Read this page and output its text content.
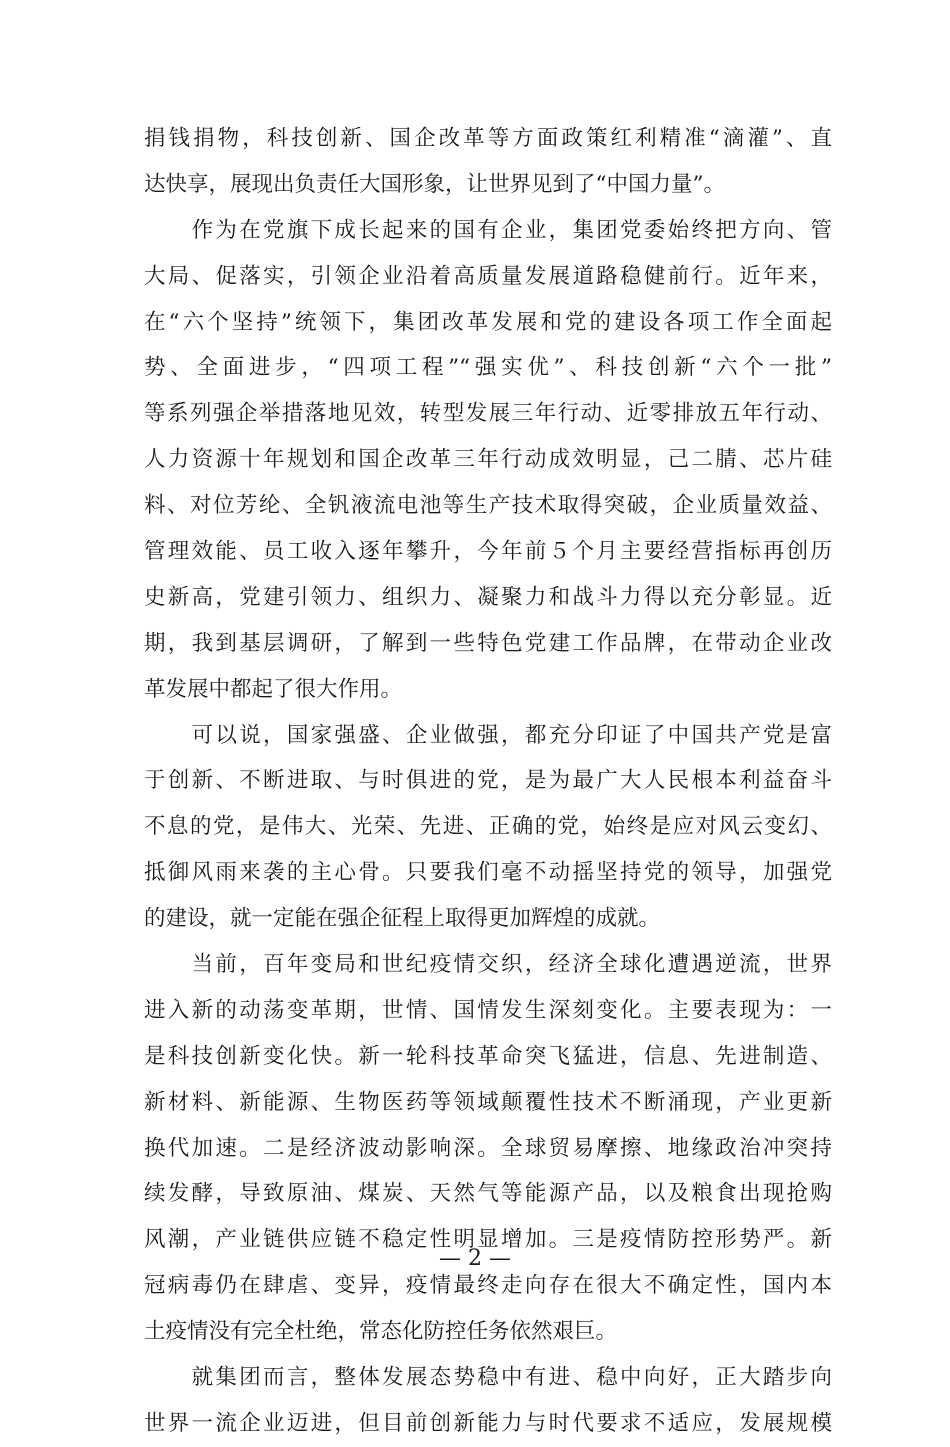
捐钱捐物，科技创新、国企改革等方面政策红利精准“滴灌”、直
达快享，展现出负责任大国形象，让世界见到了“中国力量”。
　　作为在党旗下成长起来的国有企业，集团党委始终把方向、管
大局、促落实，引领企业沿着高质量发展道路稳健前行。近年来，
在“六个坚持”统领下，集团改革发展和党的建设各项工作全面起
势、全面进步，“四项工程”“强实优”、科技创新“六个一批”
等系列强企举措落地见效，转型发展三年行动、近零排放五年行动、
人力资源十年规划和国企改革三年行动成效明显，己二腈、芯片硅
料、对位芳纶、全钒液流电池等生产技术取得突破，企业质量效益、
管理效能、员工收入逐年攀升，今年前５个月主要经营指标再创历
史新高，党建引领力、组织力、凝聚力和战斗力得以充分彰显。近
期，我到基层调研，了解到一些特色党建工作品牌，在带动企业改
革发展中都起了很大作用。
　　可以说，国家强盛、企业做强，都充分印证了中国共产党是富
于创新、不断进取、与时俱进的党，是为最广大人民根本利益奋斗
不息的党，是伟大、光荣、先进、正确的党，始终是应对风云变幻、
抵御风雨来袭的主心骨。只要我们毫不动摇坚持党的领导，加强党
的建设，就一定能在强企征程上取得更加辉煌的成就。
　　当前，百年变局和世纪疫情交织，经济全球化遭遇逆流，世界
进入新的动荡变革期，世情、国情发生深刻变化。主要表现为：一
是科技创新变化快。新一轮科技革命突飞猛进，信息、先进制造、
新材料、新能源、生物医药等领域颠覆性技术不断涌现，产业更新
换代加速。二是经济波动影响深。全球贸易摩擦、地缘政治冲突持
续发酵，导致原油、煤炭、天然气等能源产品，以及粮食出现抢购
风潮，产业链供应链不稳定性明显增加。三是疫情防控形势严。新
冠病毒仍在肆虐、变异，疫情最终走向存在很大不确定性，国内本
土疫情没有完全杜绝，常态化防控任务依然艰巨。
　　就集团而言，整体发展态势稳中有进、稳中向好，正大踏步向
世界一流企业迈进，但目前创新能力与时代要求不适应，发展规模
— 2 —
